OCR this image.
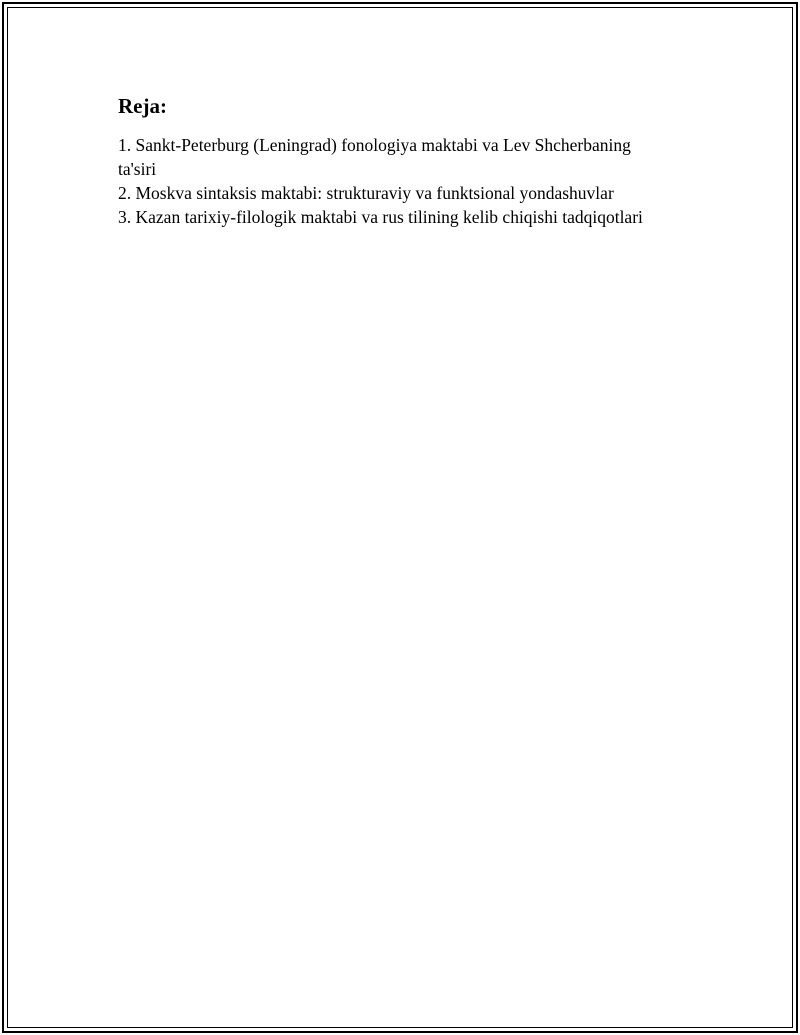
Reja:
1. Sankt-Peterburg (Leningrad) fonologiya maktabi va Lev Shcherbaning ta'siri
2. Moskva sintaksis maktabi: strukturaviy va funktsional yondashuvlar
3. Kazan tarixiy-filologik maktabi va rus tilining kelib chiqishi tadqiqotlari
